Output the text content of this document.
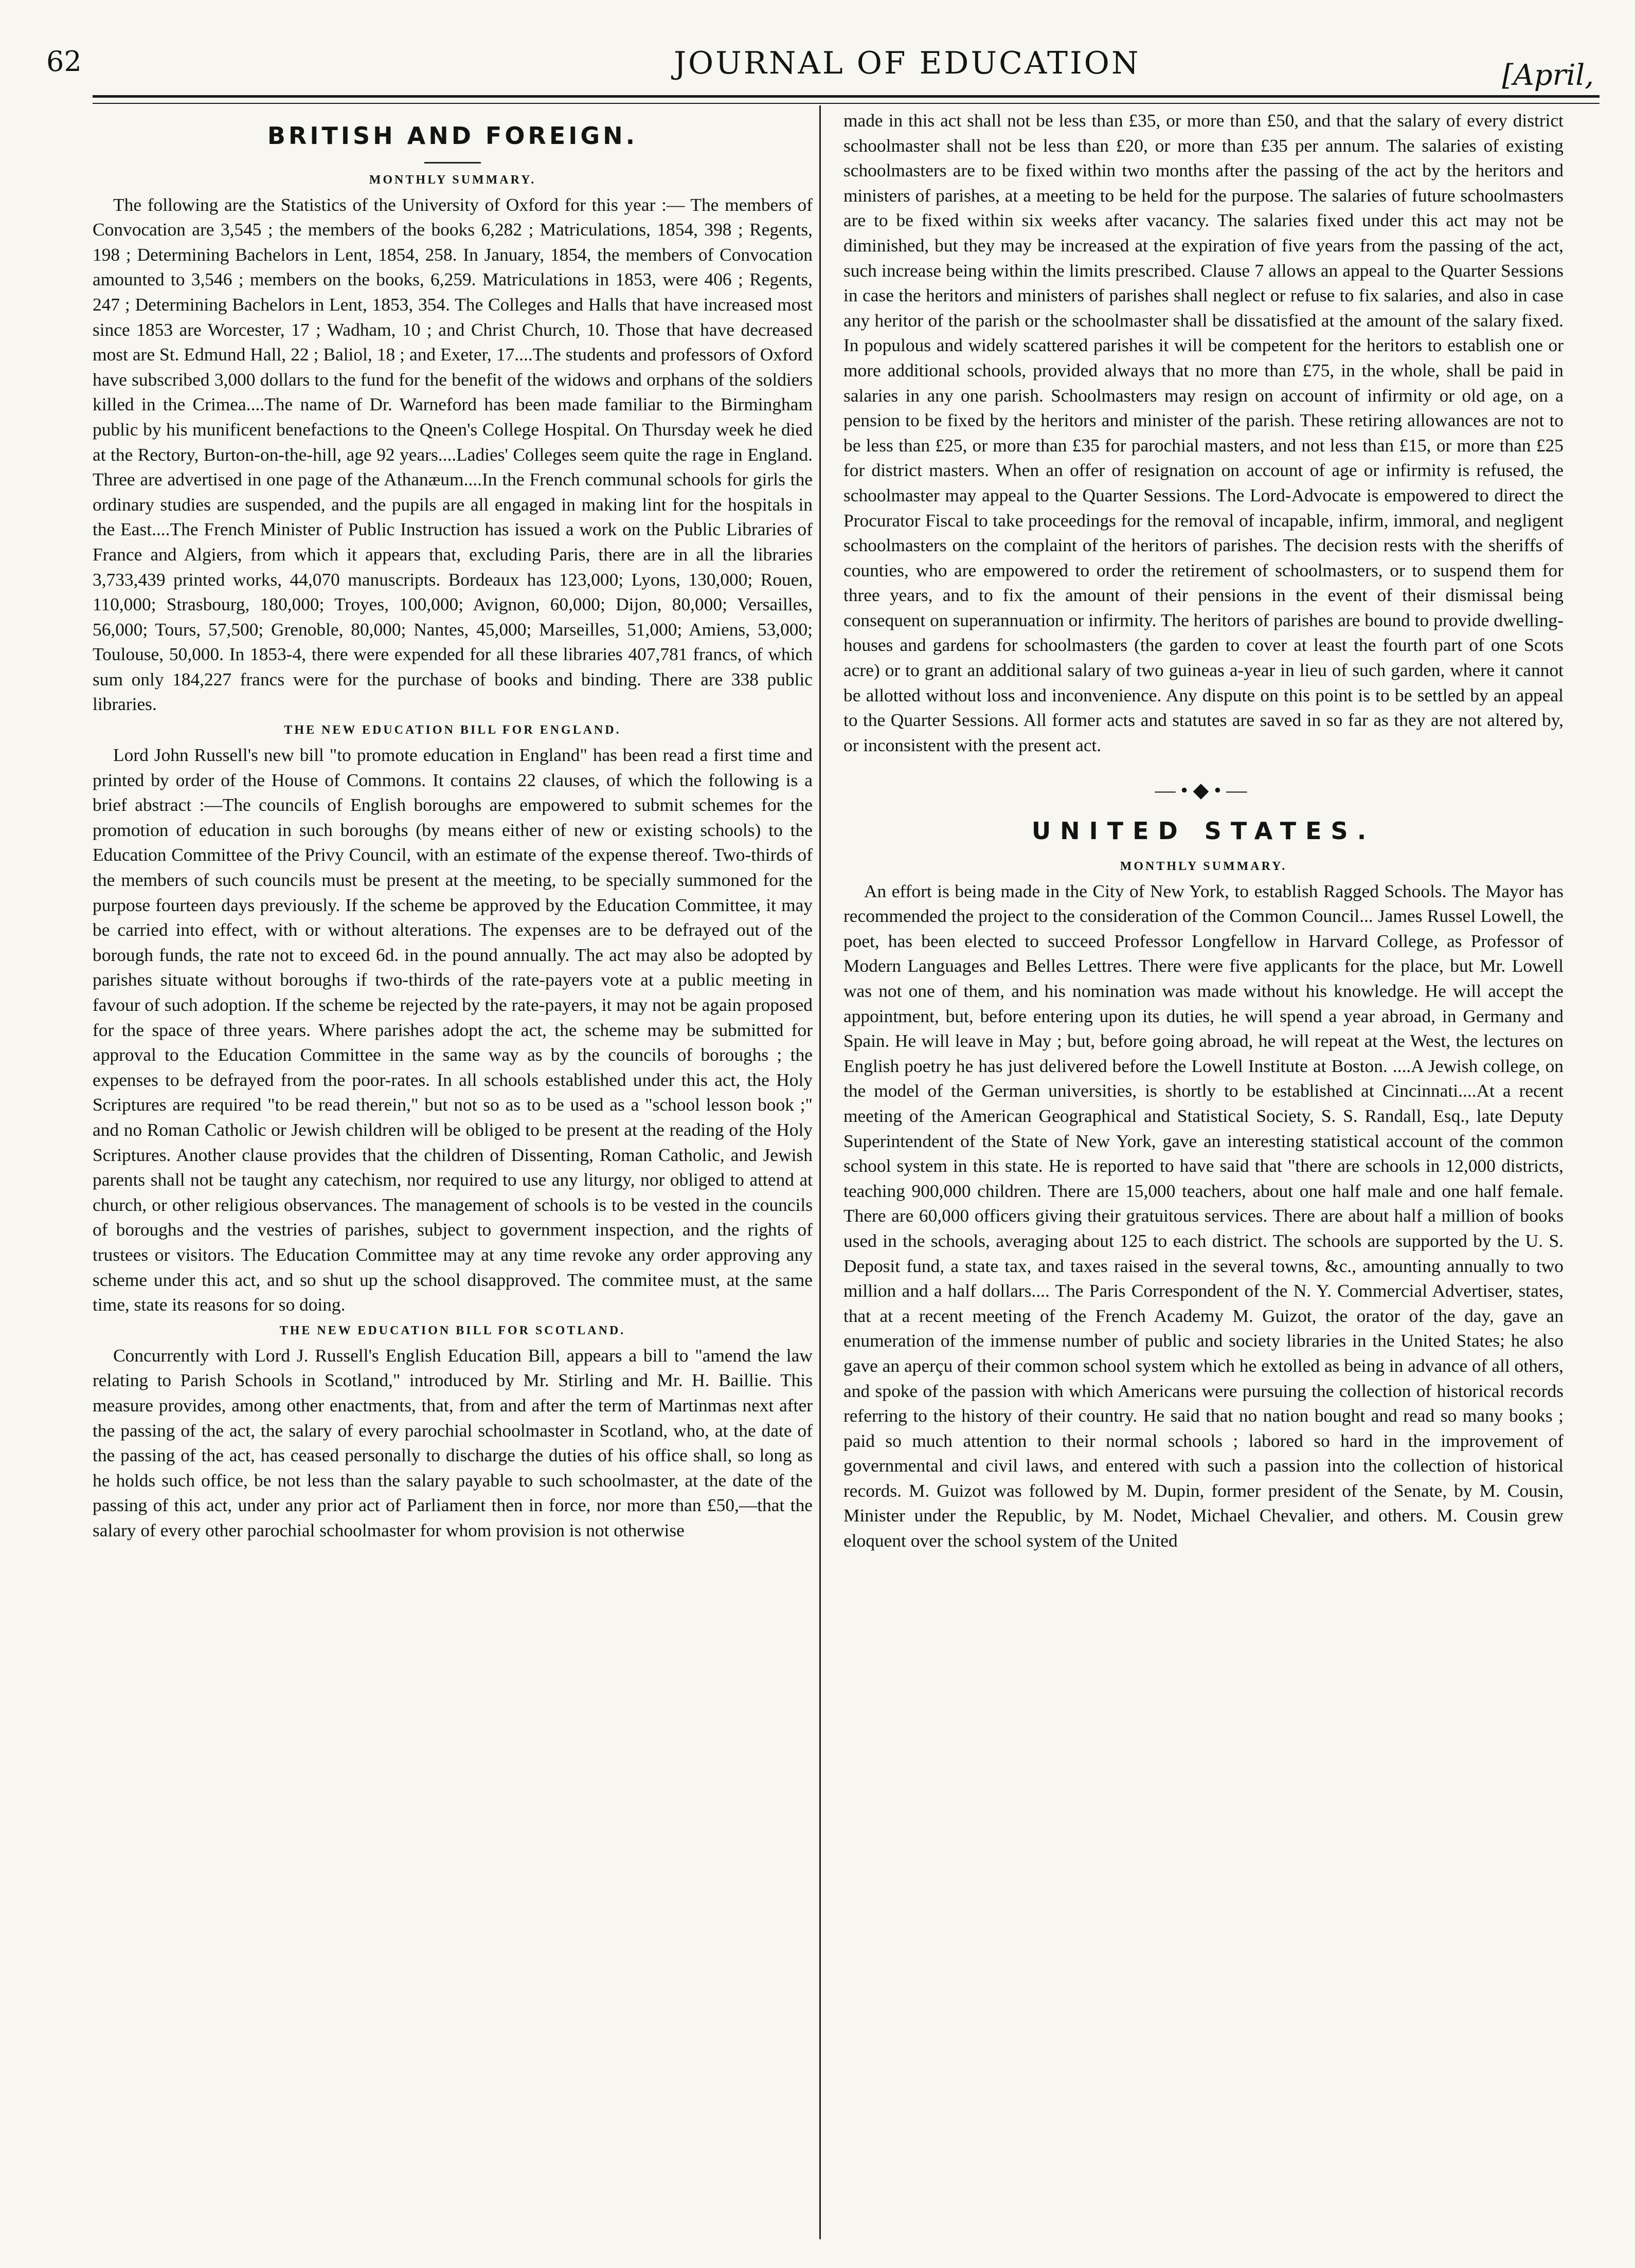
62	JOURNAL OF EDUCATION	[April,
BRITISH AND FOREIGN.
MONTHLY SUMMARY.

The following are the Statistics of the University of Oxford for this year :— The members of Convocation are 3,545 ; the members of the books 6,282 ; Matriculations, 1854, 398 ; Regents, 198 ; Determining Bachelors in Lent, 1854, 258. In January, 1854, the members of Convocation amounted to 3,546 ; members on the books, 6,259. Matriculations in 1853, were 406 ; Regents, 247 ; Determining Bachelors in Lent, 1853, 354. The Colleges and Halls that have increased most since 1853 are Worcester, 17 ; Wadham, 10 ; and Christ Church, 10. Those that have decreased most are St. Edmund Hall, 22 ; Baliol, 18 ; and Exeter, 17....The students and professors of Oxford have subscribed 3,000 dollars to the fund for the benefit of the widows and orphans of the soldiers killed in the Crimea....The name of Dr. Warneford has been made familiar to the Birmingham public by his munificent benefactions to the Qneen's College Hospital. On Thursday week he died at the Rectory, Burton-on-the-hill, age 92 years....Ladies' Colleges seem quite the rage in England. Three are advertised in one page of the Athanæum....In the French communal schools for girls the ordinary studies are suspended, and the pupils are all engaged in making lint for the hospitals in the East....The French Minister of Public Instruction has issued a work on the Public Libraries of France and Algiers, from which it appears that, excluding Paris, there are in all the libraries 3,733,439 printed works, 44,070 manuscripts. Bordeaux has 123,000; Lyons, 130,000; Rouen, 110,000; Strasbourg, 180,000; Troyes, 100,000; Avignon, 60,000; Dijon, 80,000; Versailles, 56,000; Tours, 57,500; Grenoble, 80,000; Nantes, 45,000; Marseilles, 51,000; Amiens, 53,000; Toulouse, 50,000. In 1853-4, there were expended for all these libraries 407,781 francs, of which sum only 184,227 francs were for the purchase of books and binding. There are 338 public libraries.

THE NEW EDUCATION BILL FOR ENGLAND.

Lord John Russell's new bill "to promote education in England" has been read a first time and printed by order of the House of Commons. It contains 22 clauses, of which the following is a brief abstract :—The councils of English boroughs are empowered to submit schemes for the promotion of education in such boroughs (by means either of new or existing schools) to the Education Committee of the Privy Council, with an estimate of the expense thereof. Two-thirds of the members of such councils must be present at the meeting, to be specially summoned for the purpose fourteen days previously. If the scheme be approved by the Education Committee, it may be carried into effect, with or without alterations. The expenses are to be defrayed out of the borough funds, the rate not to exceed 6d. in the pound annually. The act may also be adopted by parishes situate without boroughs if two-thirds of the rate-payers vote at a public meeting in favour of such adoption. If the scheme be rejected by the rate-payers, it may not be again proposed for the space of three years. Where parishes adopt the act, the scheme may be submitted for approval to the Education Committee in the same way as by the councils of boroughs ; the expenses to be defrayed from the poor-rates. In all schools established under this act, the Holy Scriptures are required "to be read therein," but not so as to be used as a "school lesson book ;" and no Roman Catholic or Jewish children will be obliged to be present at the reading of the Holy Scriptures. Another clause provides that the children of Dissenting, Roman Catholic, and Jewish parents shall not be taught any catechism, nor required to use any liturgy, nor obliged to attend at church, or other religious observances. The management of schools is to be vested in the councils of boroughs and the vestries of parishes, subject to government inspection, and the rights of trustees or visitors. The Education Committee may at any time revoke any order approving any scheme under this act, and so shut up the school disapproved. The commitee must, at the same time, state its reasons for so doing.

THE NEW EDUCATION BILL FOR SCOTLAND.

Concurrently with Lord J. Russell's English Education Bill, appears a bill to "amend the law relating to Parish Schools in Scotland," introduced by Mr. Stirling and Mr. H. Baillie. This measure provides, among other enactments, that, from and after the term of Martinmas next after the passing of the act, the salary of every parochial schoolmaster in Scotland, who, at the date of the passing of the act, has ceased personally to discharge the duties of his office shall, so long as he holds such office, be not less than the salary payable to such schoolmaster, at the date of the passing of this act, under any prior act of Parliament then in force, nor more than £50,—that the salary of every other parochial schoolmaster for whom provision is not otherwise

made in this act shall not be less than £35, or more than £50, and that the salary of every district schoolmaster shall not be less than £20, or more than £35 per annum. The salaries of existing schoolmasters are to be fixed within two months after the passing of the act by the heritors and ministers of parishes, at a meeting to be held for the purpose. The salaries of future schoolmasters are to be fixed within six weeks after vacancy. The salaries fixed under this act may not be diminished, but they may be increased at the expiration of five years from the passing of the act, such increase being within the limits prescribed. Clause 7 allows an appeal to the Quarter Sessions in case the heritors and ministers of parishes shall neglect or refuse to fix salaries, and also in case any heritor of the parish or the schoolmaster shall be dissatisfied at the amount of the salary fixed. In populous and widely scattered parishes it will be competent for the heritors to establish one or more additional schools, provided always that no more than £75, in the whole, shall be paid in salaries in any one parish. Schoolmasters may resign on account of infirmity or old age, on a pension to be fixed by the heritors and minister of the parish. These retiring allowances are not to be less than £25, or more than £35 for parochial masters, and not less than £15, or more than £25 for district masters. When an offer of resignation on account of age or infirmity is refused, the schoolmaster may appeal to the Quarter Sessions. The Lord-Advocate is empowered to direct the Procurator Fiscal to take proceedings for the removal of incapable, infirm, immoral, and negligent schoolmasters on the complaint of the heritors of parishes. The decision rests with the sheriffs of counties, who are empowered to order the retirement of schoolmasters, or to suspend them for three years, and to fix the amount of their pensions in the event of their dismissal being consequent on superannuation or infirmity. The heritors of parishes are bound to provide dwelling-houses and gardens for schoolmasters (the garden to cover at least the fourth part of one Scots acre) or to grant an additional salary of two guineas a-year in lieu of such garden, where it cannot be allotted without loss and inconvenience. Any dispute on this point is to be settled by an appeal to the Quarter Sessions. All former acts and statutes are saved in so far as they are not altered by, or inconsistent with the present act.

—•◆•—
UNITED STATES.
MONTHLY SUMMARY.

An effort is being made in the City of New York, to establish Ragged Schools. The Mayor has recommended the project to the consideration of the Common Council... James Russel Lowell, the poet, has been elected to succeed Professor Longfellow in Harvard College, as Professor of Modern Languages and Belles Lettres. There were five applicants for the place, but Mr. Lowell was not one of them, and his nomination was made without his knowledge. He will accept the appointment, but, before entering upon its duties, he will spend a year abroad, in Germany and Spain. He will leave in May ; but, before going abroad, he will repeat at the West, the lectures on English poetry he has just delivered before the Lowell Institute at Boston. ....A Jewish college, on the model of the German universities, is shortly to be established at Cincinnati....At a recent meeting of the American Geographical and Statistical Society, S. S. Randall, Esq., late Deputy Superintendent of the State of New York, gave an interesting statistical account of the common school system in this state. He is reported to have said that "there are schools in 12,000 districts, teaching 900,000 children. There are 15,000 teachers, about one half male and one half female. There are 60,000 officers giving their gratuitous services. There are about half a million of books used in the schools, averaging about 125 to each district. The schools are supported by the U. S. Deposit fund, a state tax, and taxes raised in the several towns, &c., amounting annually to two million and a half dollars.... The Paris Correspondent of the N. Y. Commercial Advertiser, states, that at a recent meeting of the French Academy M. Guizot, the orator of the day, gave an enumeration of the immense number of public and society libraries in the United States; he also gave an aperçu of their common school system which he extolled as being in advance of all others, and spoke of the passion with which Americans were pursuing the collection of historical records referring to the history of their country. He said that no nation bought and read so many books ; paid so much attention to their normal schools ; labored so hard in the improvement of governmental and civil laws, and entered with such a passion into the collection of historical records. M. Guizot was followed by M. Dupin, former president of the Senate, by M. Cousin, Minister under the Republic, by M. Nodet, Michael Chevalier, and others. M. Cousin grew eloquent over the school system of the United
